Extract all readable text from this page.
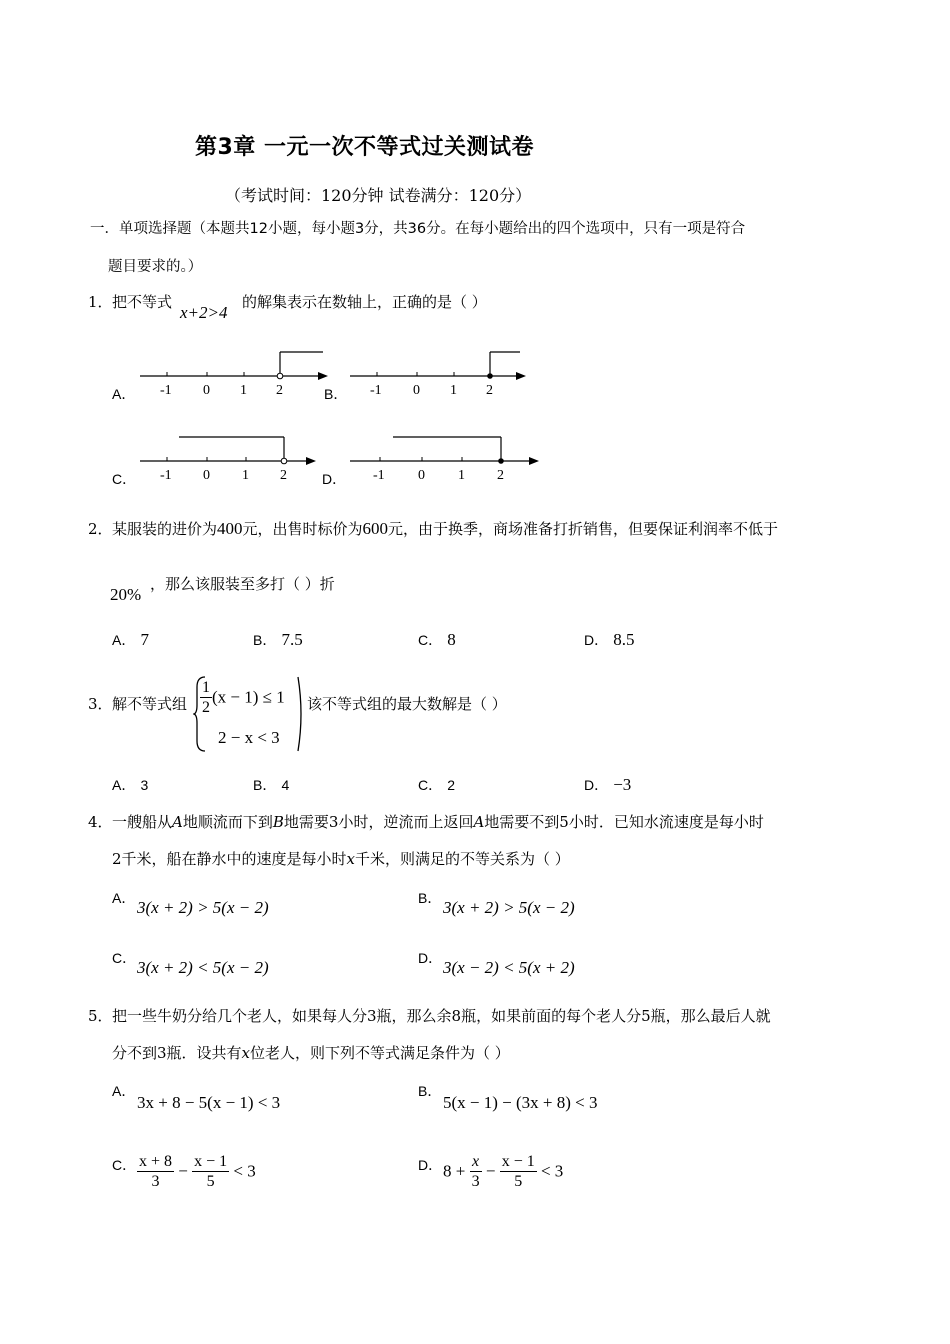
第3章 一元一次不等式过关测试卷
（考试时间：120分钟 试卷满分：120分）
一．单项选择题（本题共12小题，每小题3分，共36分。在每小题给出的四个选项中，只有一项是符合
题目要求的。）
1． 把不等式
x+2>4
的解集表示在数轴上，正确的是（ ）
A． -1 0 1 2	B． -1 0 1 2
C． -1 0 1 2	D． -1 0 1 2
2． 某服装的进价为400元，出售时标价为600元，由于换季，商场准备打折销售，但要保证利润率不低于
20%
，那么该服装至多打（ ）折
A． 7	B． 7.5	C． 8	D． 8.5
3． 解不等式组 $\frac{1}{2} (x - 1) \le 1$
2 − x < 3
该不等式组的最大数解是（ ）
A． 3	B． 4	C． 2	D． −3
4． 一艘船从A地顺流而下到B地需要3小时，逆流而上返回A地需要不到5小时．已知水流速度是每小时
2千米，船在静水中的速度是每小时x千米，则满足的不等关系为（ ）
A． 3(x + 2) > 5(x − 2)	B． 3(x + 2) > 5(x − 2)
C． 3(x + 2) < 5(x − 2)	D． 3(x − 2) < 5(x + 2)
5． 把一些牛奶分给几个老人，如果每人分3瓶，那么余8瓶，如果前面的每个老人分5瓶，那么最后人就
分不到3瓶．设共有x位老人，则下列不等式满足条件为（ ）
A．
3x + 8 − 5(x − 1) < 3
B．
5(x − 1) − (3x + 8) < 3
C． $\frac{x + 8}{3} - \frac{x - 1}{5} < 3$	D． $8 + \frac{x}{3} - \frac{x - 1}{5} < 3$
